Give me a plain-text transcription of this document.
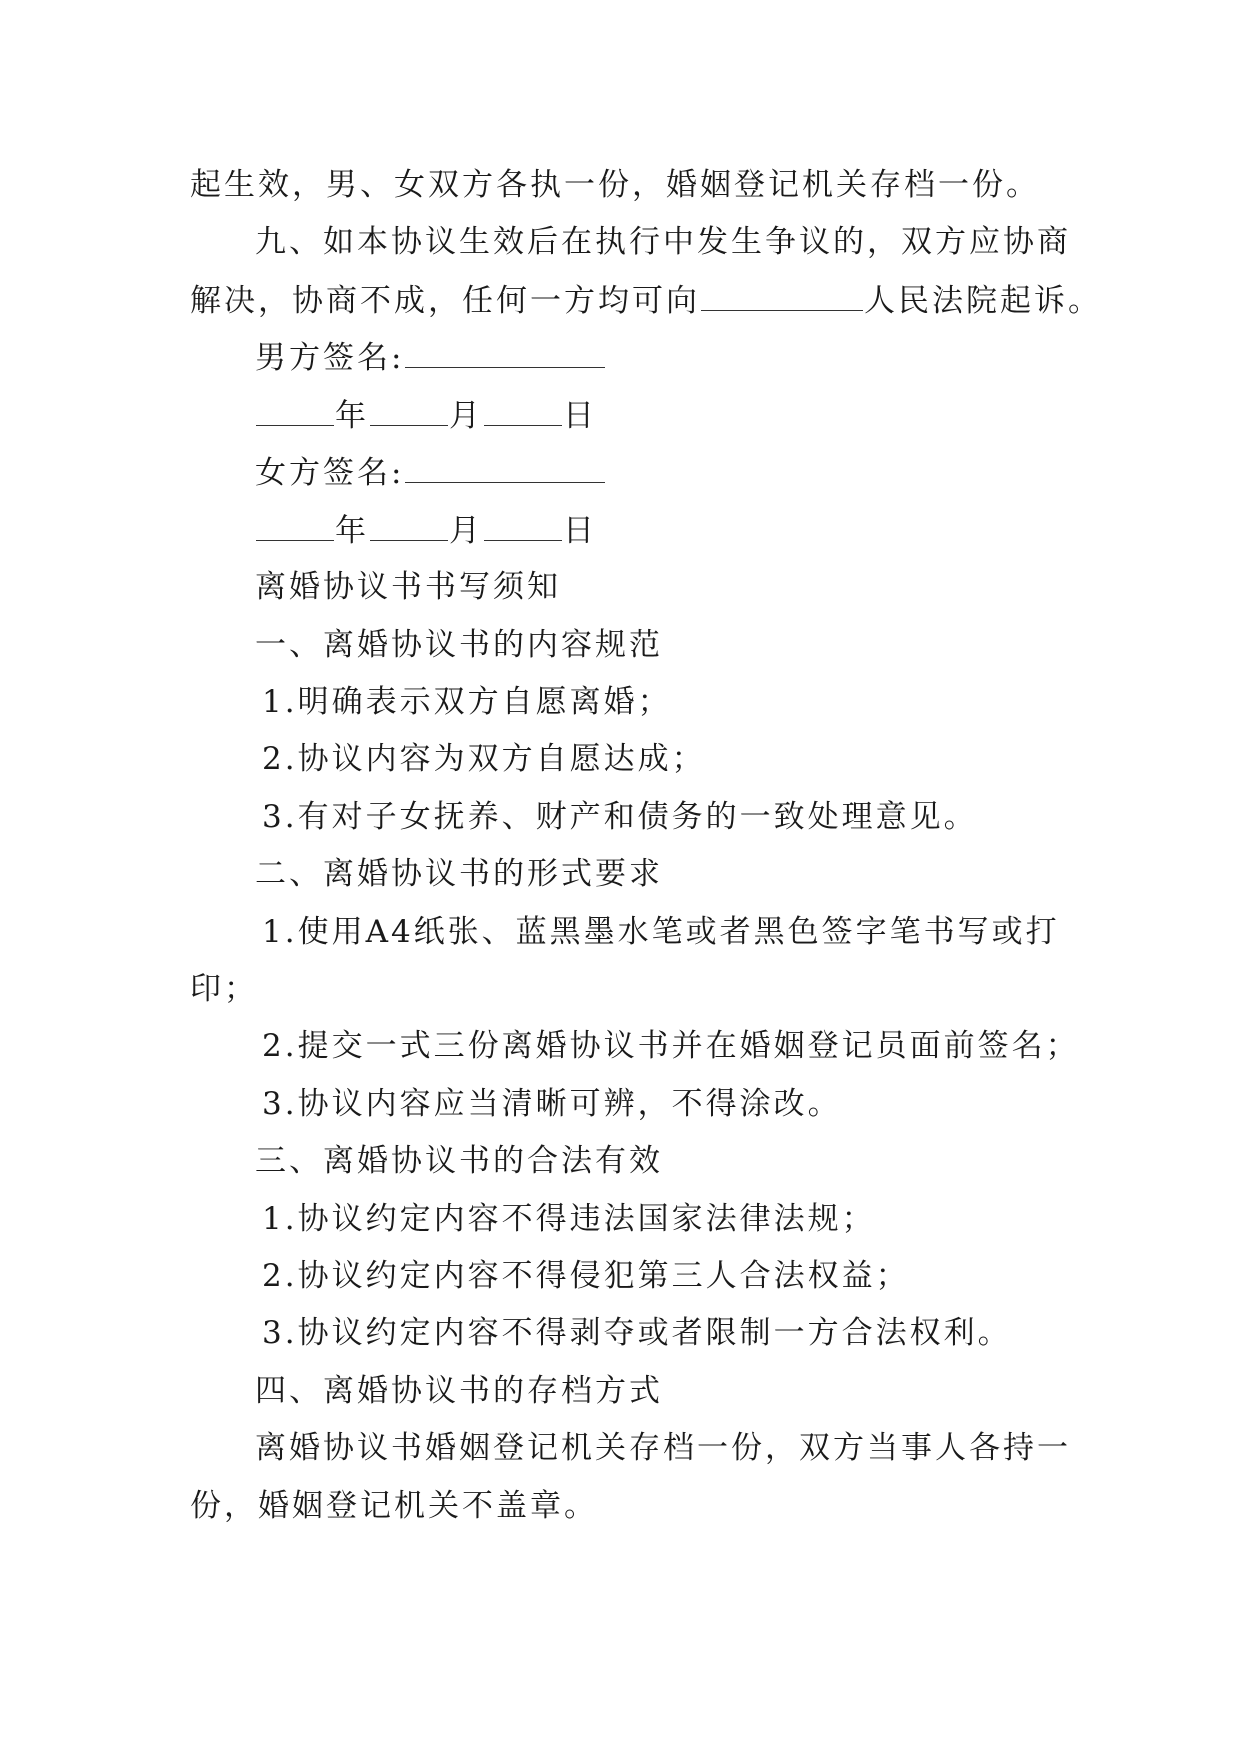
起生效，男、女双方各执一份，婚姻登记机关存档一份。
九、如本协议生效后在执行中发生争议的，双方应协商
解决，协商不成，任何一方均可向	人民法院起诉。
男方签名:
年	月	日
女方签名:
年	月	日
离婚协议书书写须知
一、离婚协议书的内容规范
1.明确表示双方自愿离婚；
2.协议内容为双方自愿达成；
3.有对子女抚养、财产和债务的一致处理意见。
二、离婚协议书的形式要求
1.使用A4纸张、蓝黑墨水笔或者黑色签字笔书写或打
印；
2.提交一式三份离婚协议书并在婚姻登记员面前签名；
3.协议内容应当清晰可辨，不得涂改。
三、离婚协议书的合法有效
1.协议约定内容不得违法国家法律法规；
2.协议约定内容不得侵犯第三人合法权益；
3.协议约定内容不得剥夺或者限制一方合法权利。
四、离婚协议书的存档方式
离婚协议书婚姻登记机关存档一份，双方当事人各持一
份，婚姻登记机关不盖章。
